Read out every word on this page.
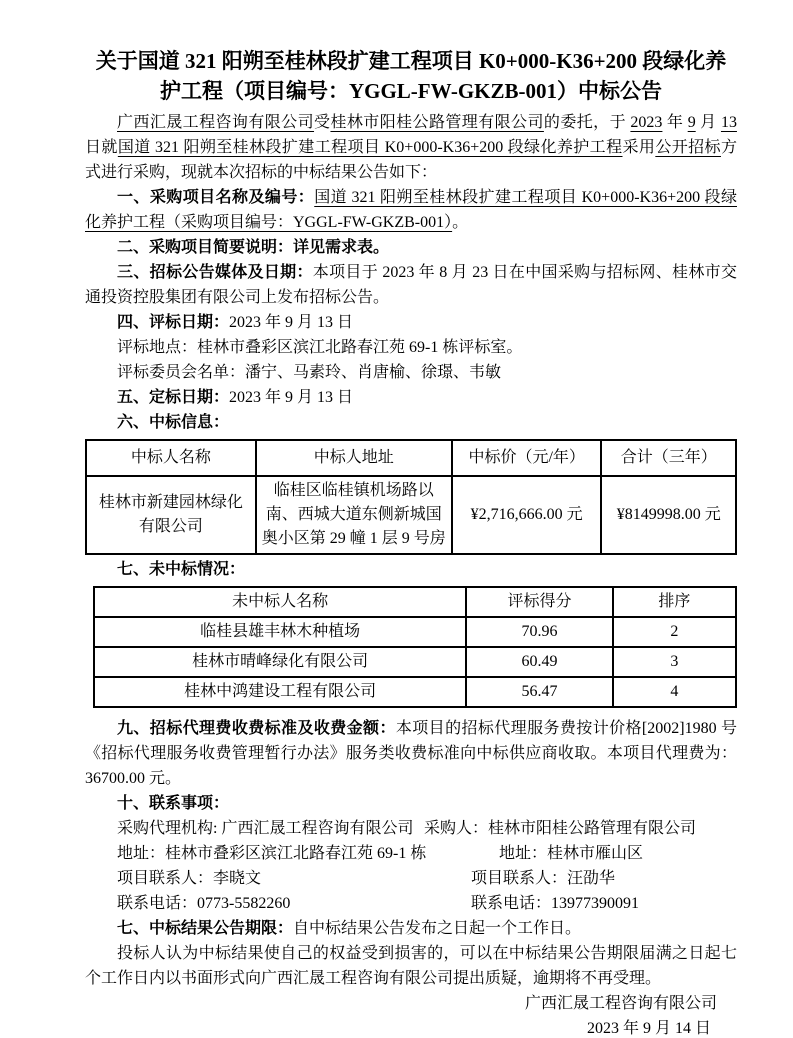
关于国道 321 阳朔至桂林段扩建工程项目 K0+000-K36+200 段绿化养
护工程（项目编号：YGGL-FW-GKZB-001）中标公告

广西汇晟工程咨询有限公司受桂林市阳桂公路管理有限公司的委托，于 2023 年 9 月 13 日就国道 321 阳朔至桂林段扩建工程项目 K0+000-K36+200 段绿化养护工程采用公开招标方式进行采购，现就本次招标的中标结果公告如下：

一、采购项目名称及编号：国道 321 阳朔至桂林段扩建工程项目 K0+000-K36+200 段绿化养护工程（采购项目编号：YGGL-FW-GKZB-001）。

二、采购项目简要说明：详见需求表。

三、招标公告媒体及日期：本项目于 2023 年 8 月 23 日在中国采购与招标网、桂林市交通投资控股集团有限公司上发布招标公告。

四、评标日期：2023 年 9 月 13 日

评标地点：桂林市叠彩区滨江北路春江苑 69-1 栋评标室。

评标委员会名单：潘宁、马素玲、肖唐榆、徐璟、韦敏

五、定标日期：2023 年 9 月 13 日

六、中标信息：

中标人名称	中标人地址	中标价（元/年）	合计（三年）
桂林市新建园林绿化有限公司	临桂区临桂镇机场路以南、西城大道东侧新城国奥小区第 29 幢 1 层 9 号房	¥2,716,666.00 元	¥8149998.00 元

七、未中标情况：

未中标人名称	评标得分	排序
临桂县雄丰林木种植场	70.96	2
桂林市晴峰绿化有限公司	60.49	3
桂林中鸿建设工程有限公司	56.47	4

九、招标代理费收费标准及收费金额：本项目的招标代理服务费按计价格[2002]1980 号《招标代理服务收费管理暂行办法》服务类收费标准向中标供应商收取。本项目代理费为：36700.00 元。

十、联系事项：

采购代理机构: 广西汇晟工程咨询有限公司 采购人：桂林市阳桂公路管理有限公司
地址：桂林市叠彩区滨江北路春江苑 69-1 栋	地址：桂林市雁山区
项目联系人：李晓文	项目联系人：汪劭华
联系电话：0773-5582260	联系电话：13977390091

七、中标结果公告期限：自中标结果公告发布之日起一个工作日。

投标人认为中标结果使自己的权益受到损害的，可以在中标结果公告期限届满之日起七个工作日内以书面形式向广西汇晟工程咨询有限公司提出质疑，逾期将不再受理。

广西汇晟工程咨询有限公司

2023 年 9 月 14 日
